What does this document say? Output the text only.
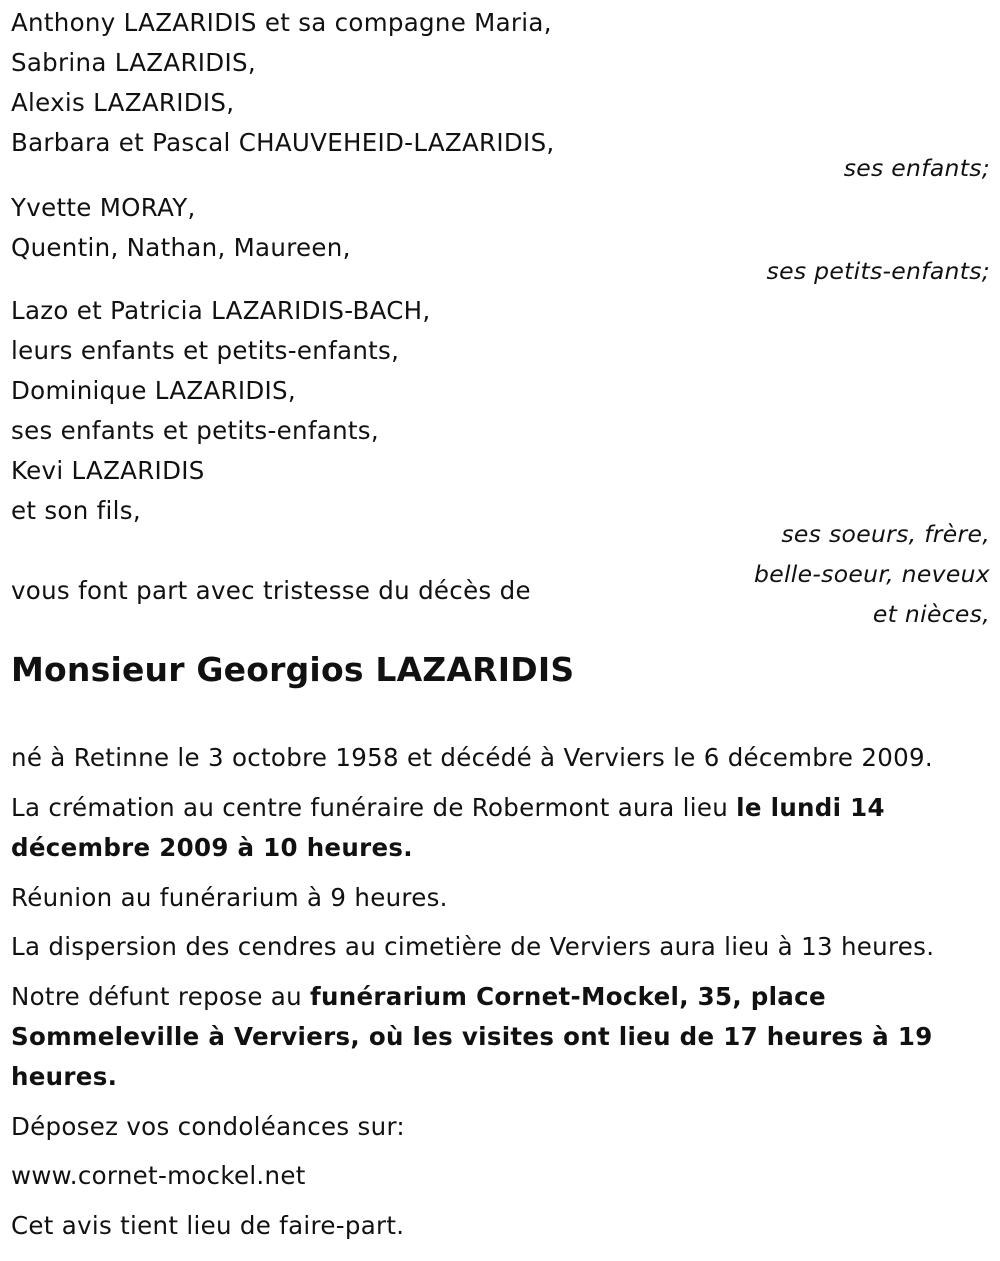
Anthony LAZARIDIS et sa compagne Maria,
Sabrina LAZARIDIS,
Alexis LAZARIDIS,
Barbara et Pascal CHAUVEHEID-LAZARIDIS,
ses enfants;
Yvette MORAY,
Quentin, Nathan, Maureen,
ses petits-enfants;
Lazo et Patricia LAZARIDIS-BACH,
leurs enfants et petits-enfants,
Dominique LAZARIDIS,
ses enfants et petits-enfants,
Kevi LAZARIDIS
et son fils,
ses soeurs, frère,
belle-soeur, neveux
et nièces,
vous font part avec tristesse du décès de
Monsieur Georgios LAZARIDIS
né à Retinne le 3 octobre 1958 et décédé à Verviers le 6 décembre 2009.
La crémation au centre funéraire de Robermont aura lieu le lundi 14
décembre 2009 à 10 heures.
Réunion au funérarium à 9 heures.
La dispersion des cendres au cimetière de Verviers aura lieu à 13 heures.
Notre défunt repose au funérarium Cornet-Mockel, 35, place
Sommeleville à Verviers, où les visites ont lieu de 17 heures à 19
heures.
Déposez vos condoléances sur:
www.cornet-mockel.net
Cet avis tient lieu de faire-part.
